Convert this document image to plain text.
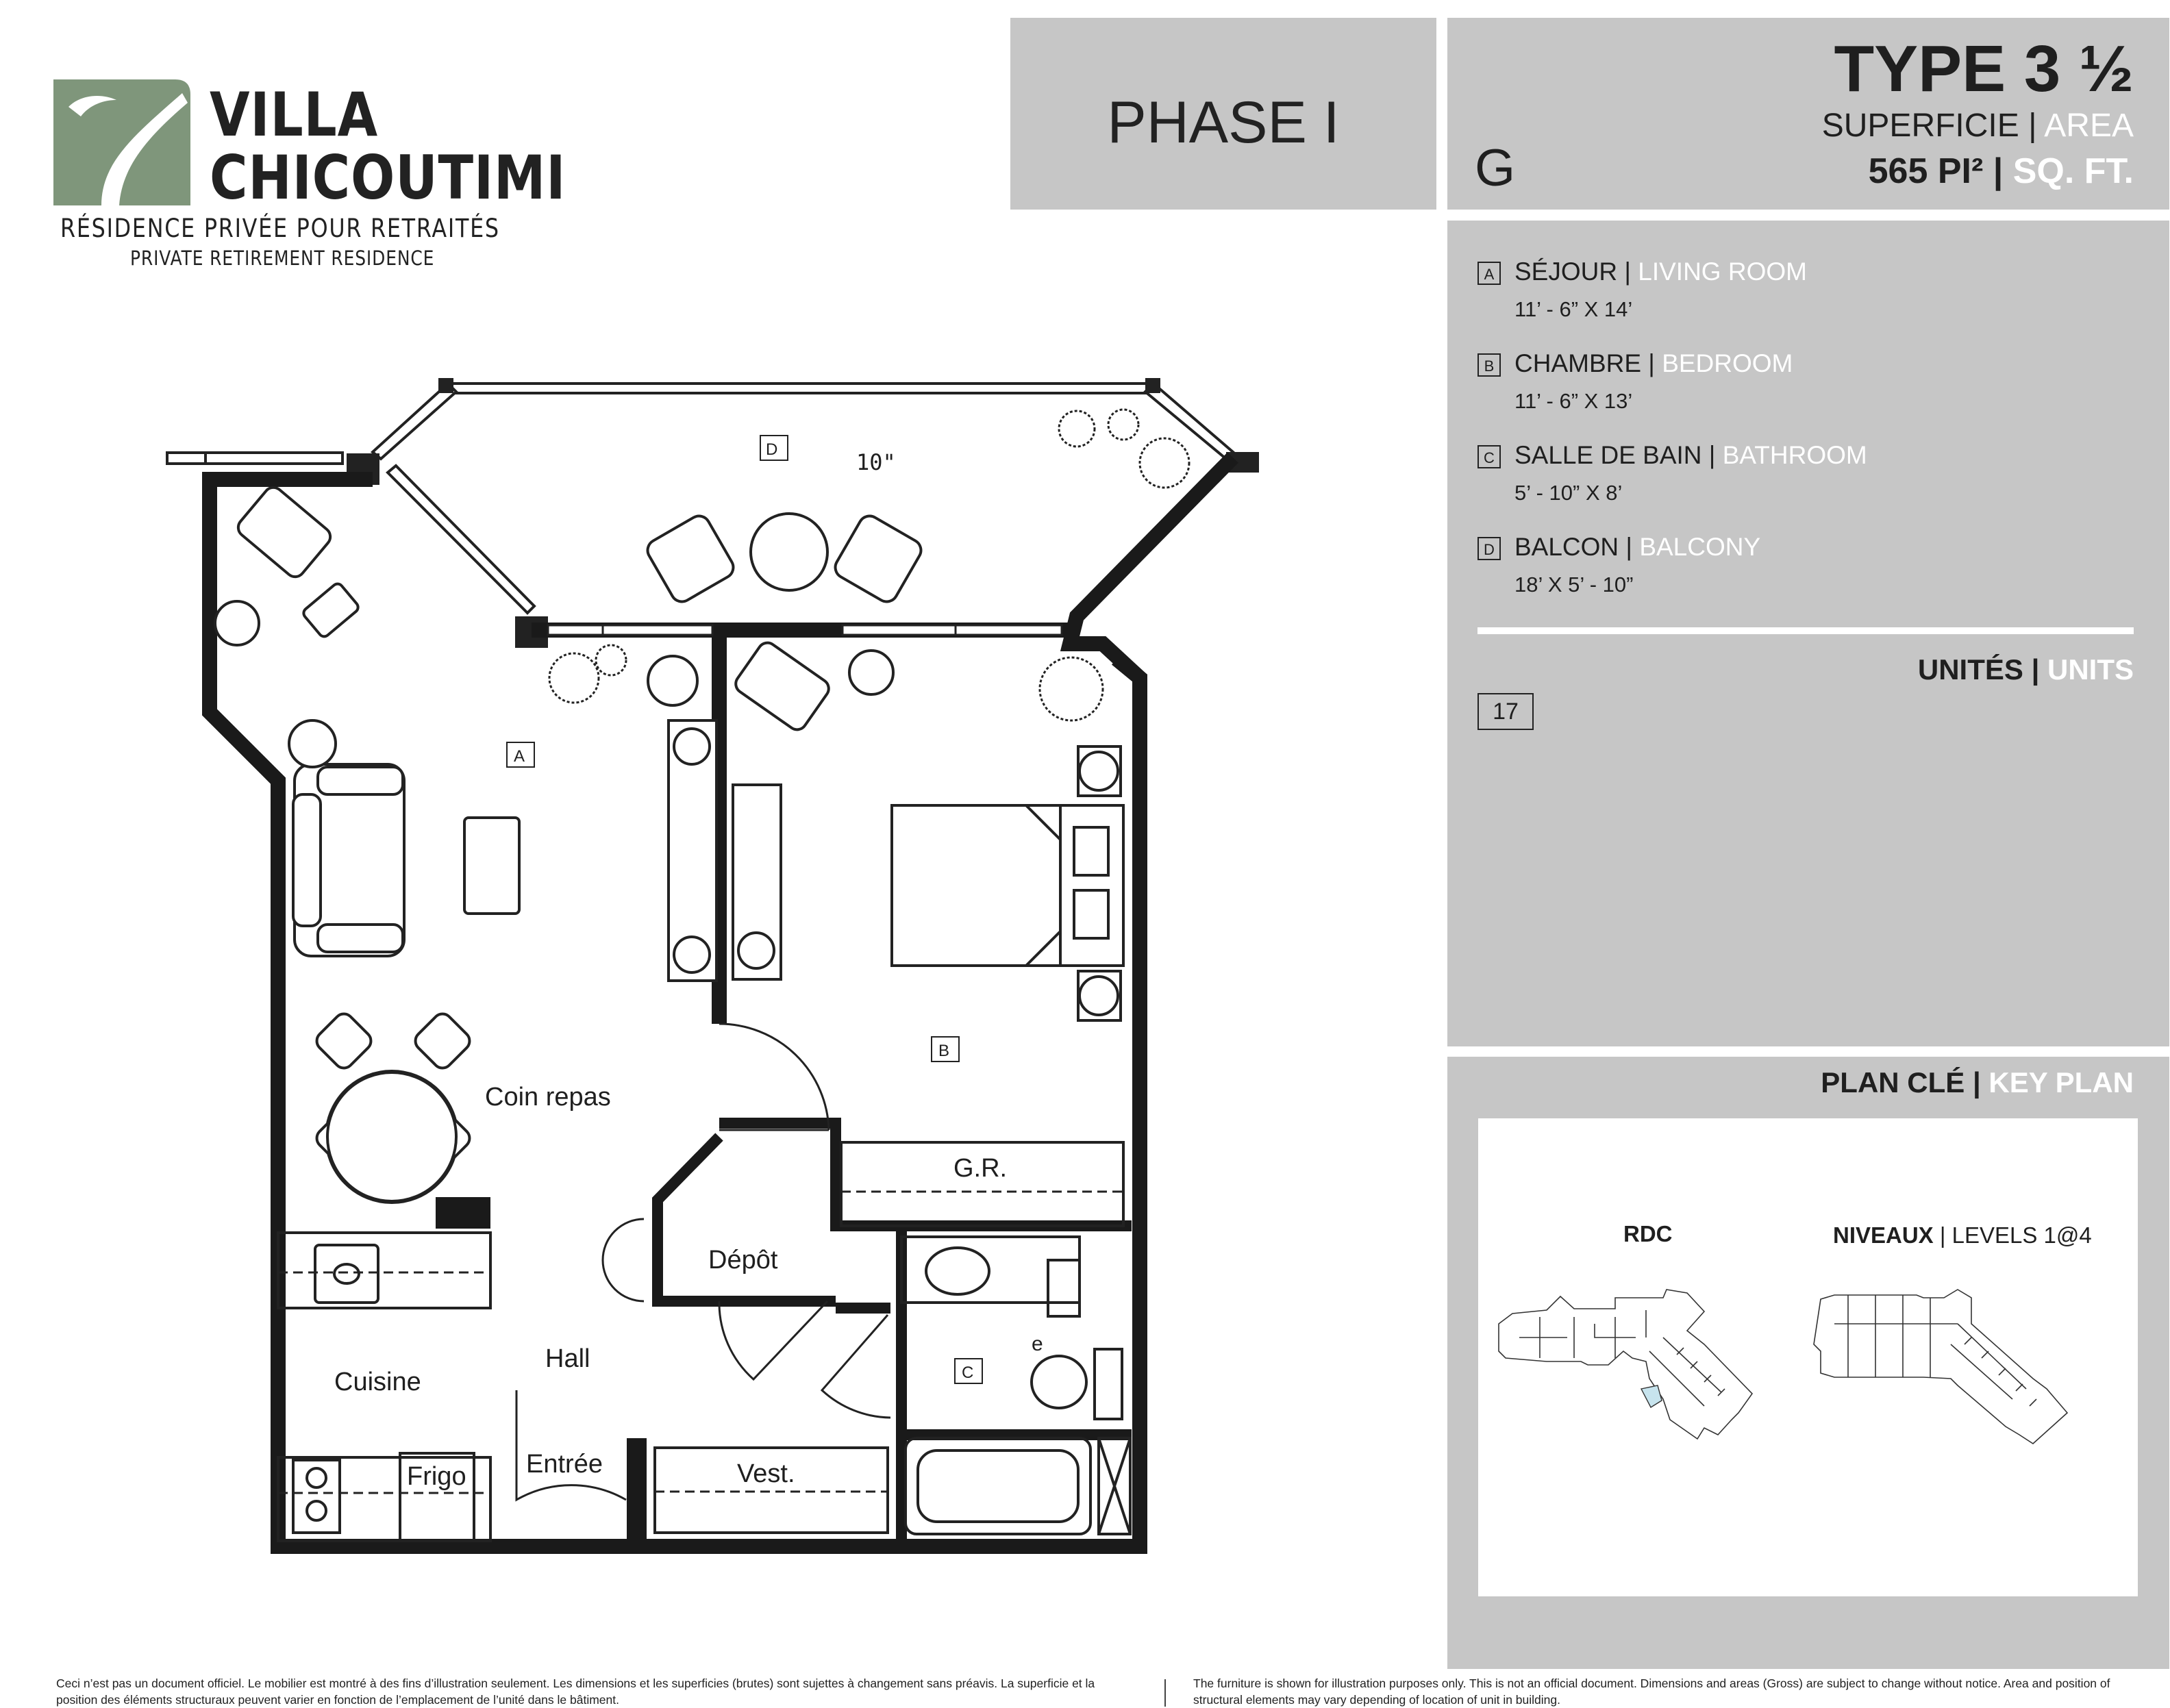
VILLA
CHICOUTIMI
RÉSIDENCE PRIVÉE POUR RETRAITÉS
PRIVATE RETIREMENT RESIDENCE
PHASE I
TYPE 3 ½
SUPERFICIE | AREA
565 PI² | SQ. FT.
G
A SÉJOUR | LIVING ROOM
11’ - 6” X 14’
B CHAMBRE | BEDROOM
11’ - 6” X 13’
C SALLE DE BAIN | BATHROOM
5’ - 10” X 8’
D BALCON | BALCONY
18’ X 5’ - 10”
UNITÉS | UNITS
17
PLAN CLÉ | KEY PLAN
RDC	NIVEAUX | LEVELS 1@4
D
A
B
C
10"
Coin repas
Dépôt
G.R.
Cuisine
Hall
Entrée
Frigo	Vest.
e
Ceci n’est pas un document officiel. Le mobilier est montré à des fins d’illustration seulement. Les dimensions et les superficies (brutes) sont sujettes à changement sans préavis. La superficie et la position des éléments structuraux peuvent varier en fonction de l’emplacement de l’unité dans le bâtiment.
The furniture is shown for illustration purposes only. This is not an official document. Dimensions and areas (Gross) are subject to change without notice. Area and position of structural elements may vary depending of location of unit in building.
